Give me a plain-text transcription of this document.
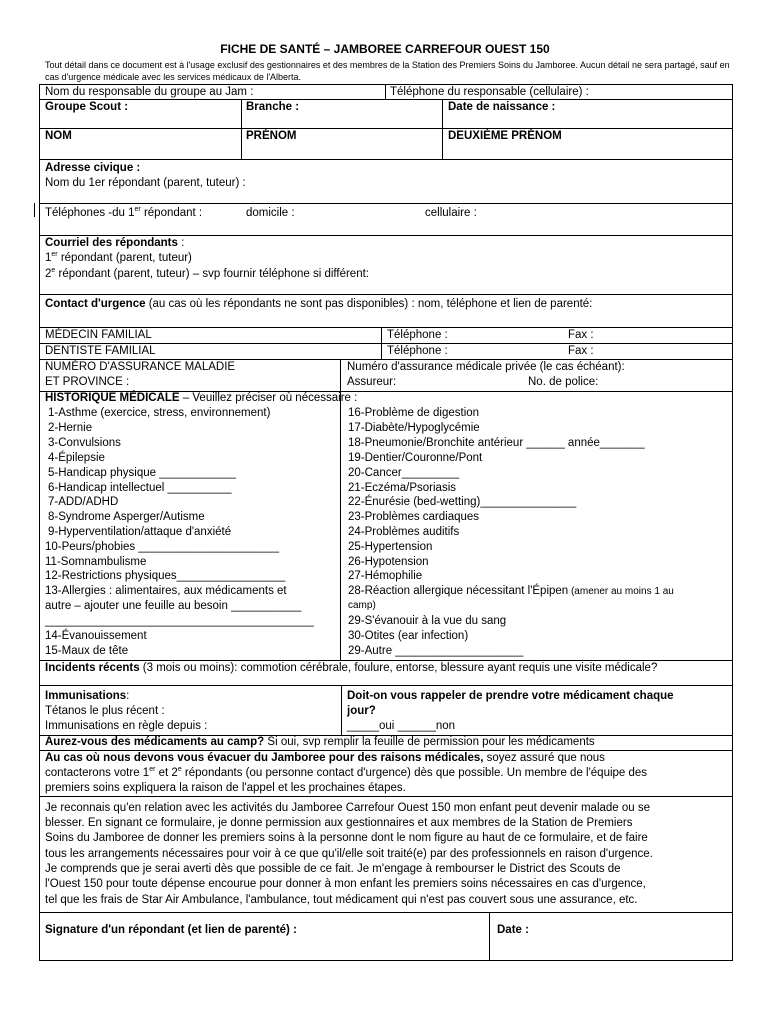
FICHE DE SANTÉ – JAMBOREE CARREFOUR OUEST 150
Tout détail dans ce document est à l'usage exclusif des gestionnaires et des membres de la Station des Premiers Soins du Jamboree. Aucun détail ne sera partagé, sauf en cas d'urgence médicale avec les services médicaux de l'Alberta.
Nom du responsable du groupe au Jam :	Téléphone du responsable (cellulaire) :
Groupe Scout :	Branche :	Date de naissance :
NOM	PRÉNOM	DEUXIÈME PRÉNOM
Adresse civique :
Nom du 1er répondant (parent, tuteur) :
Téléphones -du 1er répondant :	domicile :	cellulaire :
Courriel des répondants :
1er répondant (parent, tuteur)
2e répondant (parent, tuteur) – svp fournir téléphone si différent:
Contact d'urgence (au cas où les répondants ne sont pas disponibles) : nom, téléphone et lien de parenté:
MÉDECIN FAMILIAL	Téléphone :	Fax :
DENTISTE FAMILIAL	Téléphone :	Fax :
NUMÉRO D'ASSURANCE MALADIE
ET PROVINCE :
Numéro d'assurance médicale privée (le cas échéant):
Assureur:	No. de police:
HISTORIQUE MÉDICALE – Veuillez préciser où nécessaire :
1-Asthme (exercice, stress, environnement)
2-Hernie
3-Convulsions
4-Épilepsie
5-Handicap physique ____________
6-Handicap intellectuel __________
7-ADD/ADHD
8-Syndrome Asperger/Autisme
9-Hyperventilation/attaque d'anxiété
10-Peurs/phobies ______________________
11-Somnambulisme
12-Restrictions physiques_________________
13-Allergies : alimentaires, aux médicaments et
autre – ajouter une feuille au besoin ___________
__________________________________________
14-Évanouissement
15-Maux de tête
16-Problème de digestion
17-Diabète/Hypoglycémie
18-Pneumonie/Bronchite antérieur ______ année_______
19-Dentier/Couronne/Pont
20-Cancer_________
21-Eczéma/Psoriasis
22-Énurésie (bed-wetting)_______________
23-Problèmes cardiaques
24-Problèmes auditifs
25-Hypertension
26-Hypotension
27-Hémophilie
28-Réaction allergique nécessitant l'Épipen (amener au moins 1 au
camp)
29-S'évanouir à la vue du sang
30-Otites (ear infection)
29-Autre ____________________
Incidents récents (3 mois ou moins): commotion cérébrale, foulure, entorse, blessure ayant requis une visite médicale?
Immunisations:
Tétanos le plus récent :
Immunisations en règle depuis :
Doit-on vous rappeler de prendre votre médicament chaque
jour?
_____oui ______non
Aurez-vous des médicaments au camp? Si oui, svp remplir la feuille de permission pour les médicaments
Au cas où nous devons vous évacuer du Jamboree pour des raisons médicales, soyez assuré que nous
contacterons votre 1er et 2e répondants (ou personne contact d'urgence) dès que possible. Un membre de l'équipe des
premiers soins expliquera la raison de l'appel et les prochaines étapes.
Je reconnais qu'en relation avec les activités du Jamboree Carrefour Ouest 150 mon enfant peut devenir malade ou se
blesser. En signant ce formulaire, je donne permission aux gestionnaires et aux membres de la Station de Premiers
Soins du Jamboree de donner les premiers soins à la personne dont le nom figure au haut de ce formulaire, et de faire
tous les arrangements nécessaires pour voir à ce que qu'il/elle soit traité(e) par des professionnels en raison d'urgence.
Je comprends que je serai averti dès que possible de ce fait. Je m'engage à rembourser le District des Scouts de
l'Ouest 150 pour toute dépense encourue pour donner à mon enfant les premiers soins nécessaires en cas d'urgence,
tel que les frais de Star Air Ambulance, l'ambulance, tout médicament qui n'est pas couvert sous une assurance, etc.
Signature d'un répondant (et lien de parenté) :	Date :
